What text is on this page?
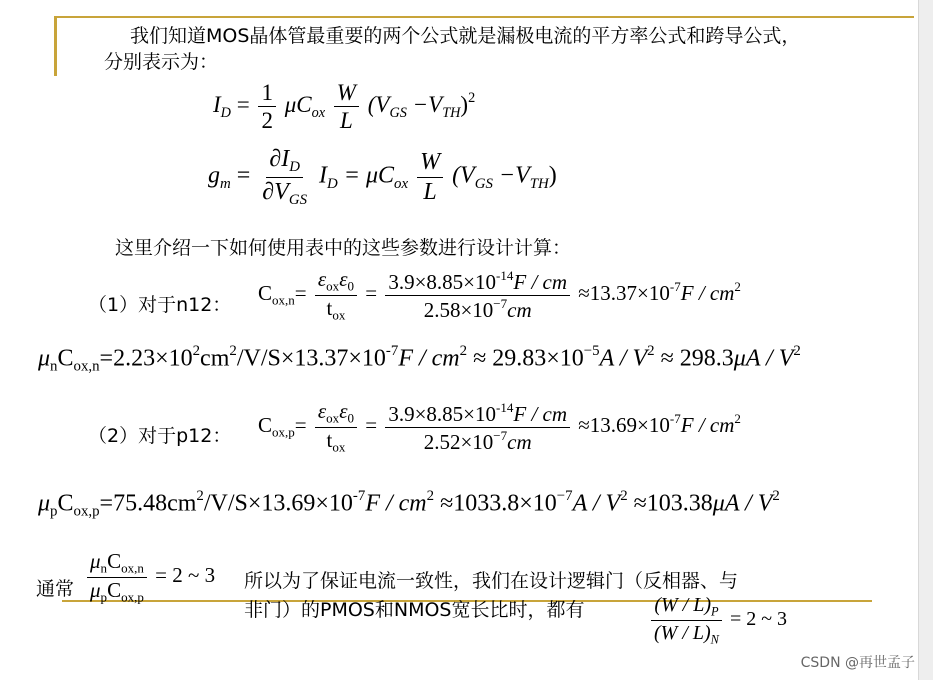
我们知道MOS晶体管最重要的两个公式就是漏极电流的平方率公式和跨导公式，
分别表示为：
$I_D = \frac{1}{2} \mu C_{ox} \frac{W}{L} (V_{GS} -V_{TH})^2$
$g_m = \frac{\partial I_D}{\partial V_{GS}} I_D = \mu C_{ox} \frac{W}{L} (V_{GS} -V_{TH})$
这里介绍一下如何使用表中的这些参数进行设计计算：
（1）对于n12： $C_{ox,n}= \frac{\varepsilon_{ox}\varepsilon_0}{t_{ox}} = \frac{3.9\times 8.85\times 10^{-14}F / cm}{2.58\times 10^{-7}cm} \approx 13.37\times 10^{-7}F / cm^2$
$\mu_nC_{ox,n}=2.23\times 10^2cm^2/V/S\times 13.37\times 10^{-7}F / cm^2 \approx 29.83\times 10^{-5}A / V^2 \approx 298.3\mu A / V^2$
（2）对于p12： $C_{ox,p}= \frac{\varepsilon_{ox}\varepsilon_0}{t_{ox}} = \frac{3.9\times 8.85\times 10^{-14}F / cm}{2.52\times 10^{-7}cm} \approx 13.69\times 10^{-7}F / cm^2$
$\mu_pC_{ox,p}=75.48cm^2/V/S\times 13.69\times 10^{-7}F / cm^2 \approx 1033.8\times 10^{-7}A / V^2 \approx 103.38\mu A / V^2$
通常 $\frac{\mu_nC_{ox,n}}{\mu_pC_{ox,p}} = 2$ ~ 3 所以为了保证电流一致性，我们在设计逻辑门（反相器、与
非门）的PMOS和NMOS宽长比时，都有	$\frac{(W / L)_P}{(W / L)_N} = 2$ ~ 3
CSDN @再世孟子
